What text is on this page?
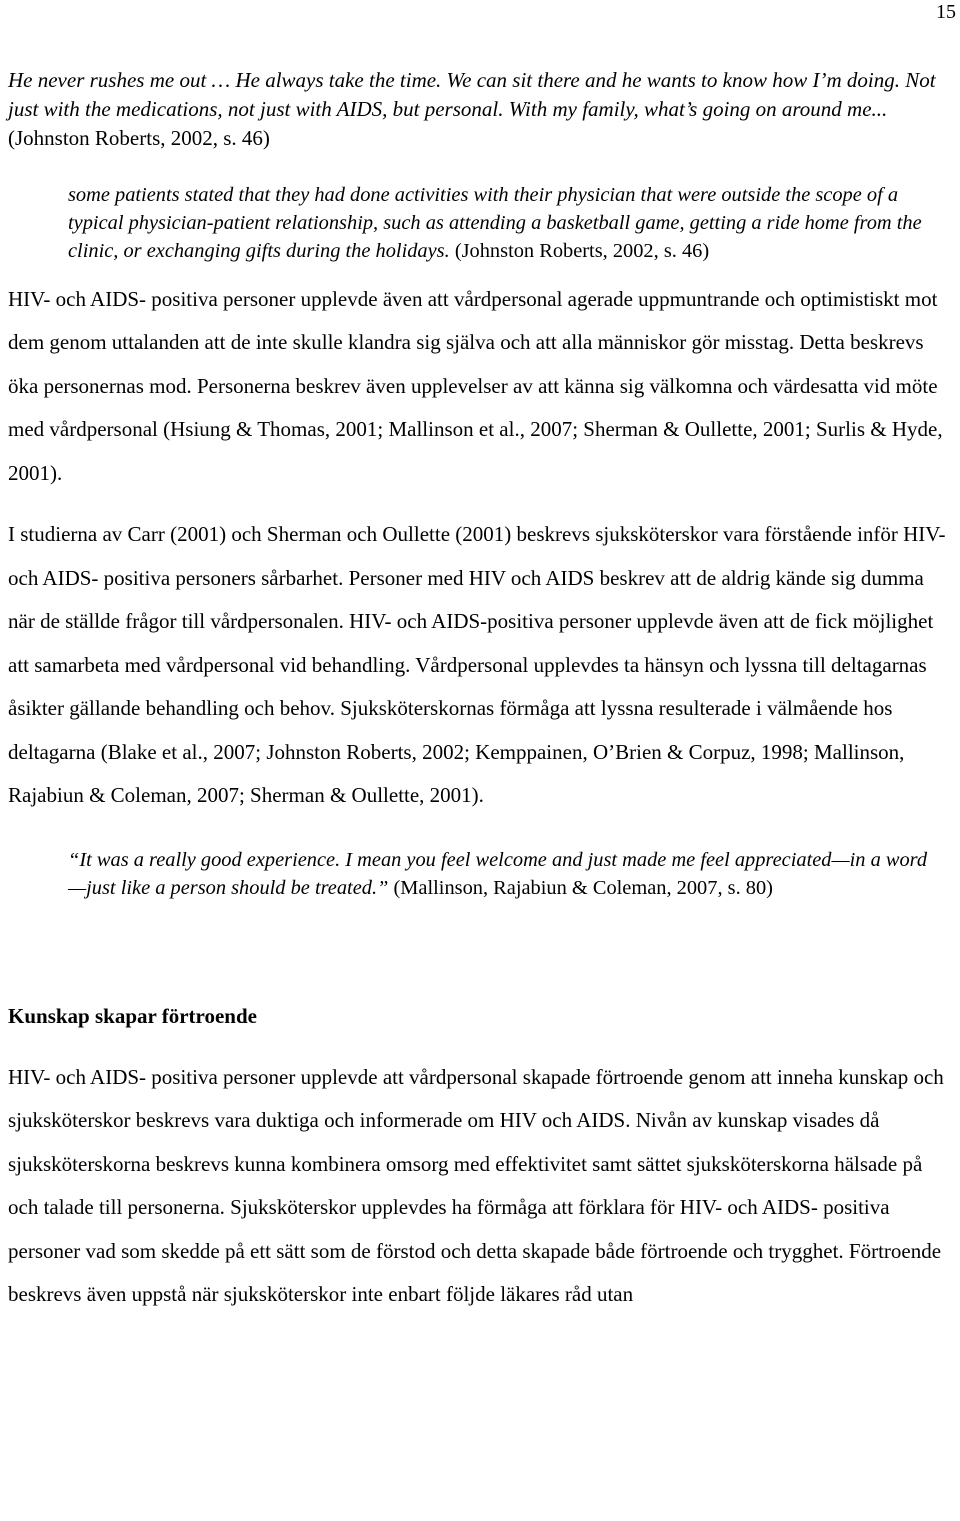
15

He never rushes me out … He always take the time. We can sit there and he wants to know how I’m doing. Not just with the medications, not just with AIDS, but personal. With my family, what’s going on around me... (Johnston Roberts, 2002, s. 46)

some patients stated that they had done activities with their physician that were outside the scope of a typical physician-patient relationship, such as attending a basketball game, getting a ride home from the clinic, or exchanging gifts during the holidays. (Johnston Roberts, 2002, s. 46)

HIV- och AIDS- positiva personer upplevde även att vårdpersonal agerade uppmuntrande och optimistiskt mot dem genom uttalanden att de inte skulle klandra sig själva och att alla människor gör misstag. Detta beskrevs öka personernas mod. Personerna beskrev även upplevelser av att känna sig välkomna och värdesatta vid möte med vårdpersonal (Hsiung & Thomas, 2001; Mallinson et al., 2007; Sherman & Oullette, 2001; Surlis & Hyde, 2001).

I studierna av Carr (2001) och Sherman och Oullette (2001) beskrevs sjuksköterskor vara förstående inför HIV- och AIDS- positiva personers sårbarhet. Personer med HIV och AIDS beskrev att de aldrig kände sig dumma när de ställde frågor till vårdpersonalen. HIV- och AIDS-positiva personer upplevde även att de fick möjlighet att samarbeta med vårdpersonal vid behandling. Vårdpersonal upplevdes ta hänsyn och lyssna till deltagarnas åsikter gällande behandling och behov. Sjuksköterskornas förmåga att lyssna resulterade i välmående hos deltagarna (Blake et al., 2007; Johnston Roberts, 2002; Kemppainen, O’Brien & Corpuz, 1998; Mallinson, Rajabiun & Coleman, 2007; Sherman & Oullette, 2001).

“It was a really good experience. I mean you feel welcome and just made me feel appreciated—in a word—just like a person should be treated.” (Mallinson, Rajabiun & Coleman, 2007, s. 80)

Kunskap skapar förtroende

HIV- och AIDS- positiva personer upplevde att vårdpersonal skapade förtroende genom att inneha kunskap och sjuksköterskor beskrevs vara duktiga och informerade om HIV och AIDS. Nivån av kunskap visades då sjuksköterskorna beskrevs kunna kombinera omsorg med effektivitet samt sättet sjuksköterskorna hälsade på och talade till personerna. Sjuksköterskor upplevdes ha förmåga att förklara för HIV- och AIDS- positiva personer vad som skedde på ett sätt som de förstod och detta skapade både förtroende och trygghet. Förtroende beskrevs även uppstå när sjuksköterskor inte enbart följde läkares råd utan
